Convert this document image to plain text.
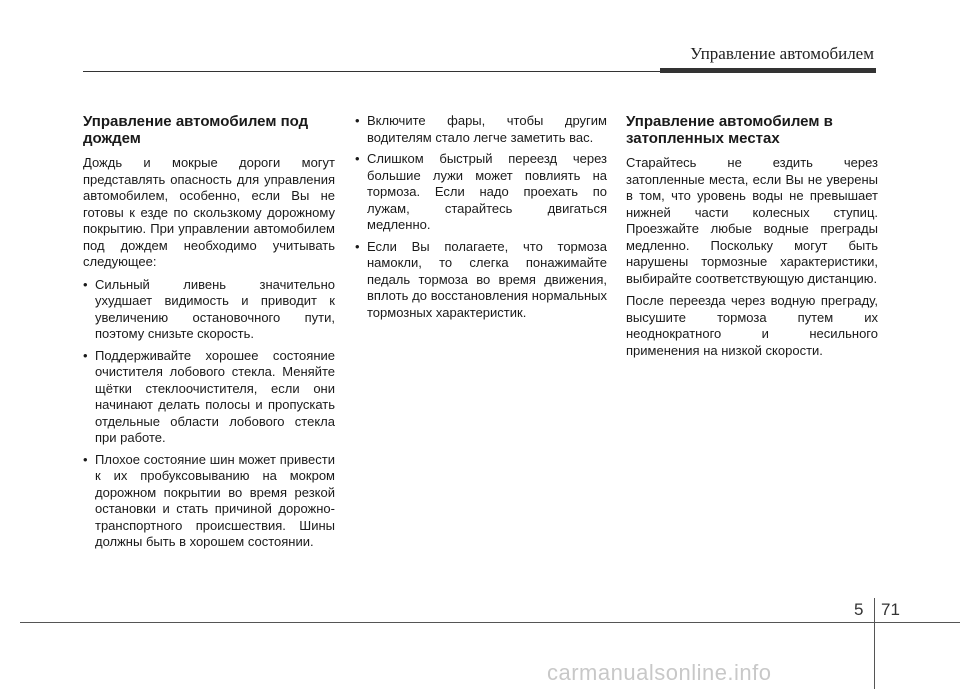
Управление автомобилем
Управление автомобилем под дождем

Дождь и мокрые дороги могут представлять опасность для управления автомобилем, особенно, если Вы не готовы к езде по скользкому дорожному покрытию. При управлении автомобилем под дождем необходимо учитывать следующее:

• Сильный ливень значительно ухудшает видимость и приводит к увеличению остановочного пути, поэтому снизьте скорость.
• Поддерживайте хорошее состояние очистителя лобового стекла. Меняйте щётки стеклоочистителя, если они начинают делать полосы и пропускать отдельные области лобового стекла при работе.
• Плохое состояние шин может привести к их пробуксовыванию на мокром дорожном покрытии во время резкой остановки и стать причиной дорожно-транспортного происшествия. Шины должны быть в хорошем состоянии.
• Включите фары, чтобы другим водителям стало легче заметить вас.
• Слишком быстрый переезд через большие лужи может повлиять на тормоза. Если надо проехать по лужам, старайтесь двигаться медленно.
• Если Вы полагаете, что тормоза намокли, то слегка понажимайте педаль тормоза во время движения, вплоть до восстановления нормальных тормозных характеристик.
Управление автомобилем в затопленных местах

Старайтесь не ездить через затопленные места, если Вы не уверены в том, что уровень воды не превышает нижней части колесных ступиц. Проезжайте любые водные преграды медленно. Поскольку могут быть нарушены тормозные характеристики, выбирайте соответствующую дистанцию.

После переезда через водную преграду, высушите тормоза путем их неоднократного и несильного применения на низкой скорости.

5 71
carmanualsonline.info
